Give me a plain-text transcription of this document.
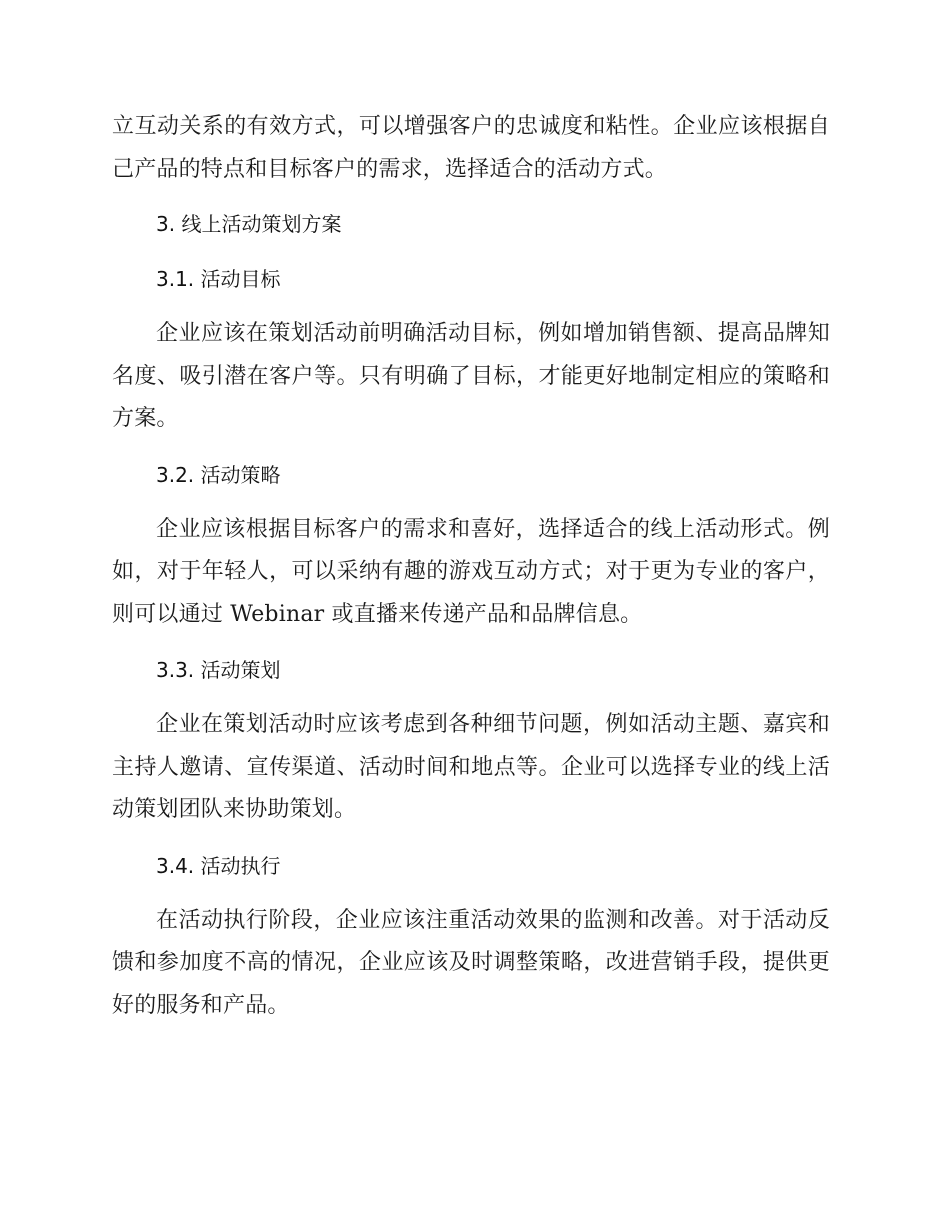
立互动关系的有效方式，可以增强客户的忠诚度和粘性。企业应该根据自己产品的特点和目标客户的需求，选择适合的活动方式。

3. 线上活动策划方案
3.1. 活动目标

企业应该在策划活动前明确活动目标，例如增加销售额、提高品牌知名度、吸引潜在客户等。只有明确了目标，才能更好地制定相应的策略和方案。

3.2. 活动策略

企业应该根据目标客户的需求和喜好，选择适合的线上活动形式。例如，对于年轻人，可以采纳有趣的游戏互动方式；对于更为专业的客户，则可以通过 Webinar 或直播来传递产品和品牌信息。

3.3. 活动策划

企业在策划活动时应该考虑到各种细节问题，例如活动主题、嘉宾和主持人邀请、宣传渠道、活动时间和地点等。企业可以选择专业的线上活动策划团队来协助策划。

3.4. 活动执行

在活动执行阶段，企业应该注重活动效果的监测和改善。对于活动反馈和参加度不高的情况，企业应该及时调整策略，改进营销手段，提供更好的服务和产品。
